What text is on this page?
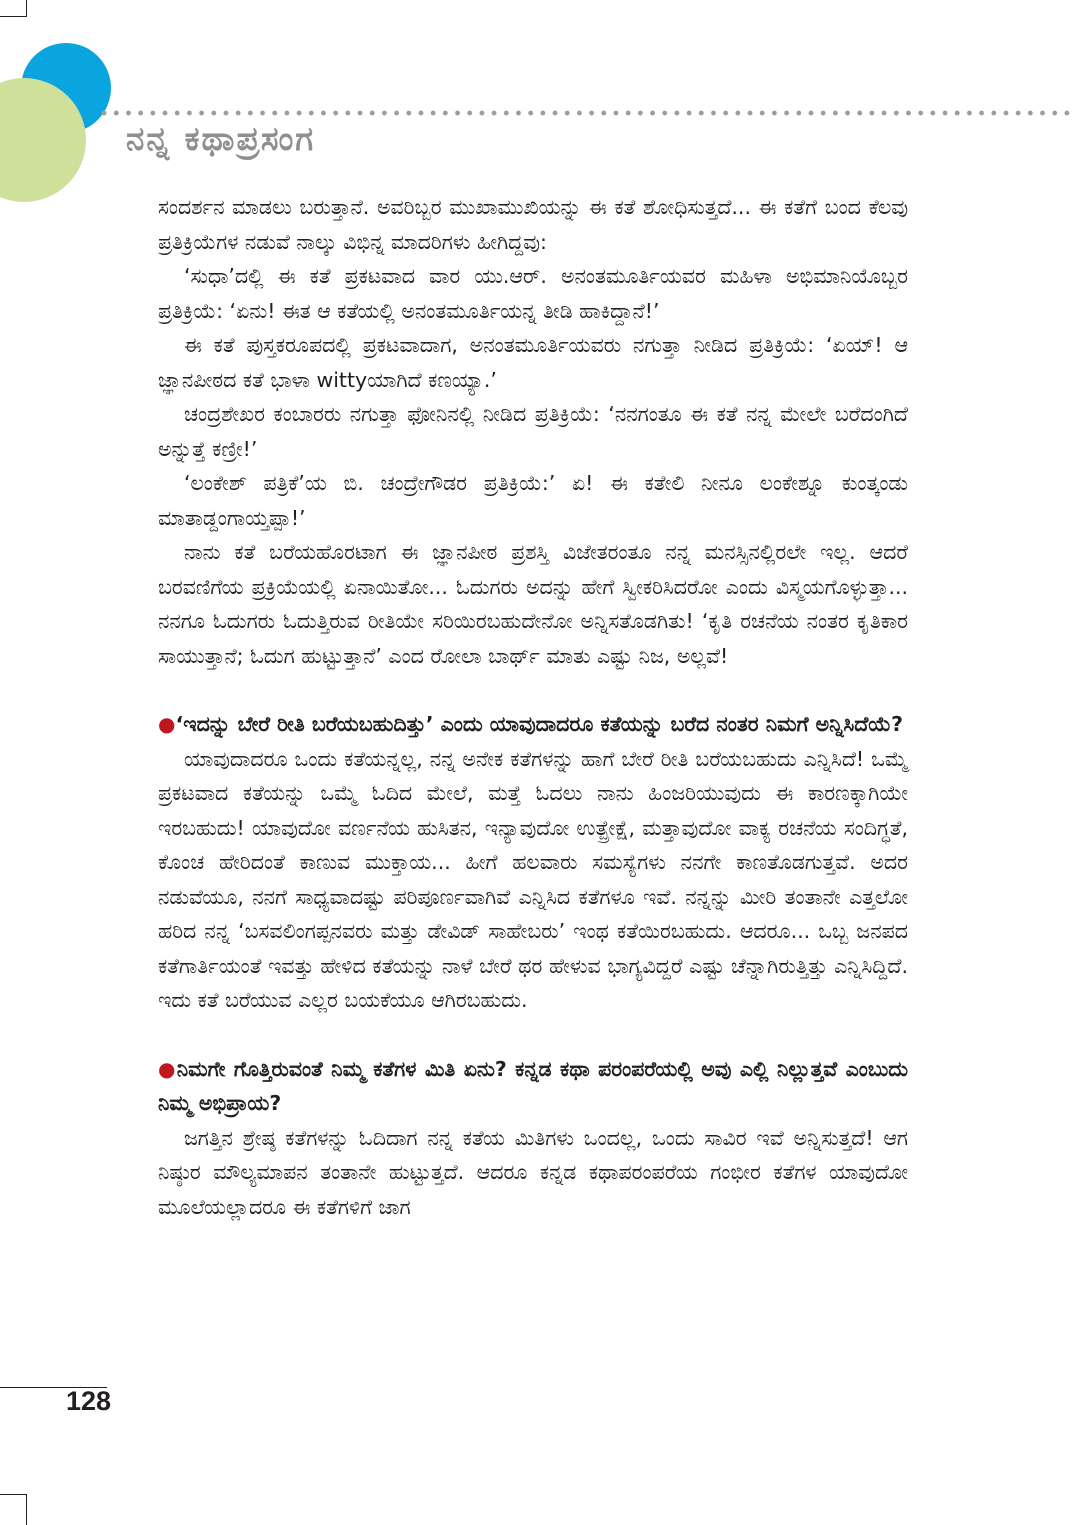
ನನ್ನ ಕಥಾಪ್ರಸಂಗ

ಸಂದರ್ಶನ ಮಾಡಲು ಬರುತ್ತಾನೆ. ಅವರಿಬ್ಬರ ಮುಖಾಮುಖಿಯನ್ನು ಈ ಕತೆ ಶೋಧಿಸುತ್ತದೆ... ಈ ಕತೆಗೆ ಬಂದ ಕೆಲವು ಪ್ರತಿಕ್ರಿಯೆಗಳ ನಡುವೆ ನಾಲ್ಕು ವಿಭಿನ್ನ ಮಾದರಿಗಳು ಹೀಗಿದ್ದವು:

‘ಸುಧಾ’ದಲ್ಲಿ ಈ ಕತೆ ಪ್ರಕಟವಾದ ವಾರ ಯು.ಆರ್. ಅನಂತಮೂರ್ತಿಯವರ ಮಹಿಳಾ ಅಭಿಮಾನಿಯೊಬ್ಬರ ಪ್ರತಿಕ್ರಿಯೆ: ‘ಏನು! ಈತ ಆ ಕತೆಯಲ್ಲಿ ಅನಂತಮೂರ್ತಿಯನ್ನ ತೀಡಿ ಹಾಕಿದ್ದಾನೆ!’

ಈ ಕತೆ ಪುಸ್ತಕರೂಪದಲ್ಲಿ ಪ್ರಕಟವಾದಾಗ, ಅನಂತಮೂರ್ತಿಯವರು ನಗುತ್ತಾ ನೀಡಿದ ಪ್ರತಿಕ್ರಿಯೆ: ‘ಏಯ್! ಆ ಜ್ಞಾನಪೀಠದ ಕತೆ ಭಾಳಾ wittyಯಾಗಿದೆ ಕಣಯ್ಯಾ.’

ಚಂದ್ರಶೇಖರ ಕಂಬಾರರು ನಗುತ್ತಾ ಫೋನಿನಲ್ಲಿ ನೀಡಿದ ಪ್ರತಿಕ್ರಿಯೆ: ‘ನನಗಂತೂ ಈ ಕತೆ ನನ್ನ ಮೇಲೇ ಬರೆದಂಗಿದೆ ಅನ್ನುತ್ತೆ ಕಣ್ರೀ!’

‘ಲಂಕೇಶ್ ಪತ್ರಿಕೆ’ಯ ಬಿ. ಚಂದ್ರೇಗೌಡರ ಪ್ರತಿಕ್ರಿಯೆ:’ ಏ! ಈ ಕತೇಲಿ ನೀನೂ ಲಂಕೇಶ್ನೂ ಕುಂತ್ಕಂಡು ಮಾತಾಡ್ದಂಗಾಯ್ತಪ್ಪಾ!’

ನಾನು ಕತೆ ಬರೆಯಹೊರಟಾಗ ಈ ಜ್ಞಾನಪೀಠ ಪ್ರಶಸ್ತಿ ವಿಜೇತರಂತೂ ನನ್ನ ಮನಸ್ಸಿನಲ್ಲಿರಲೇ ಇಲ್ಲ. ಆದರೆ ಬರವಣಿಗೆಯ ಪ್ರಕ್ರಿಯೆಯಲ್ಲಿ ಏನಾಯಿತೋ... ಓದುಗರು ಅದನ್ನು ಹೇಗೆ ಸ್ವೀಕರಿಸಿದರೋ ಎಂದು ವಿಸ್ಮಯಗೊಳ್ಳುತ್ತಾ... ನನಗೂ ಓದುಗರು ಓದುತ್ತಿರುವ ರೀತಿಯೇ ಸರಿಯಿರಬಹುದೇನೋ ಅನ್ನಿಸತೊಡಗಿತು! ‘ಕೃತಿ ರಚನೆಯ ನಂತರ ಕೃತಿಕಾರ ಸಾಯುತ್ತಾನೆ; ಓದುಗ ಹುಟ್ಟುತ್ತಾನೆ’ ಎಂದ ರೋಲಾ ಬಾರ್ಥ್ ಮಾತು ಎಷ್ಟು ನಿಜ, ಅಲ್ಲವೆ!

●‘ಇದನ್ನು ಬೇರೆ ರೀತಿ ಬರೆಯಬಹುದಿತ್ತು’ ಎಂದು ಯಾವುದಾದರೂ ಕತೆಯನ್ನು ಬರೆದ ನಂತರ ನಿಮಗೆ ಅನ್ನಿಸಿದೆಯೆ?

ಯಾವುದಾದರೂ ಒಂದು ಕತೆಯನ್ನಲ್ಲ, ನನ್ನ ಅನೇಕ ಕತೆಗಳನ್ನು ಹಾಗೆ ಬೇರೆ ರೀತಿ ಬರೆಯಬಹುದು ಎನ್ನಿಸಿದೆ! ಒಮ್ಮೆ ಪ್ರಕಟವಾದ ಕತೆಯನ್ನು ಒಮ್ಮೆ ಓದಿದ ಮೇಲೆ, ಮತ್ತೆ ಓದಲು ನಾನು ಹಿಂಜರಿಯುವುದು ಈ ಕಾರಣಕ್ಕಾಗಿಯೇ ಇರಬಹುದು! ಯಾವುದೋ ವರ್ಣನೆಯ ಹುಸಿತನ, ಇನ್ಯಾವುದೋ ಉತ್ಪ್ರೇಕ್ಷೆ, ಮತ್ತಾವುದೋ ವಾಕ್ಯ ರಚನೆಯ ಸಂದಿಗ್ಧತೆ, ಕೊಂಚ ಹೇರಿದಂತೆ ಕಾಣುವ ಮುಕ್ತಾಯ... ಹೀಗೆ ಹಲವಾರು ಸಮಸ್ಯೆಗಳು ನನಗೇ ಕಾಣತೊಡಗುತ್ತವೆ. ಅದರ ನಡುವೆಯೂ, ನನಗೆ ಸಾಧ್ಯವಾದಷ್ಟು ಪರಿಪೂರ್ಣವಾಗಿವೆ ಎನ್ನಿಸಿದ ಕತೆಗಳೂ ಇವೆ. ನನ್ನನ್ನು ಮೀರಿ ತಂತಾನೇ ಎತ್ತಲೋ ಹರಿದ ನನ್ನ ‘ಬಸವಲಿಂಗಪ್ಪನವರು ಮತ್ತು ಡೇವಿಡ್ ಸಾಹೇಬರು’ ಇಂಥ ಕತೆಯಿರಬಹುದು. ಆದರೂ... ಒಬ್ಬ ಜನಪದ ಕತೆಗಾರ್ತಿಯಂತೆ ಇವತ್ತು ಹೇಳಿದ ಕತೆಯನ್ನು ನಾಳೆ ಬೇರೆ ಥರ ಹೇಳುವ ಭಾಗ್ಯವಿದ್ದರೆ ಎಷ್ಟು ಚೆನ್ನಾಗಿರುತ್ತಿತ್ತು ಎನ್ನಿಸಿದ್ದಿದೆ. ಇದು ಕತೆ ಬರೆಯುವ ಎಲ್ಲರ ಬಯಕೆಯೂ ಆಗಿರಬಹುದು.

●ನಿಮಗೇ ಗೊತ್ತಿರುವಂತೆ ನಿಮ್ಮ ಕತೆಗಳ ಮಿತಿ ಏನು? ಕನ್ನಡ ಕಥಾ ಪರಂಪರೆಯಲ್ಲಿ ಅವು ಎಲ್ಲಿ ನಿಲ್ಲುತ್ತವೆ ಎಂಬುದು ನಿಮ್ಮ ಅಭಿಪ್ರಾಯ?

ಜಗತ್ತಿನ ಶ್ರೇಷ್ಠ ಕತೆಗಳನ್ನು ಓದಿದಾಗ ನನ್ನ ಕತೆಯ ಮಿತಿಗಳು ಒಂದಲ್ಲ, ಒಂದು ಸಾವಿರ ಇವೆ ಅನ್ನಿಸುತ್ತದೆ! ಆಗ ನಿಷ್ಠುರ ಮೌಲ್ಯಮಾಪನ ತಂತಾನೇ ಹುಟ್ಟುತ್ತದೆ. ಆದರೂ ಕನ್ನಡ ಕಥಾಪರಂಪರೆಯ ಗಂಭೀರ ಕತೆಗಳ ಯಾವುದೋ ಮೂಲೆಯಲ್ಲಾದರೂ ಈ ಕತೆಗಳಿಗೆ ಜಾಗ

128
